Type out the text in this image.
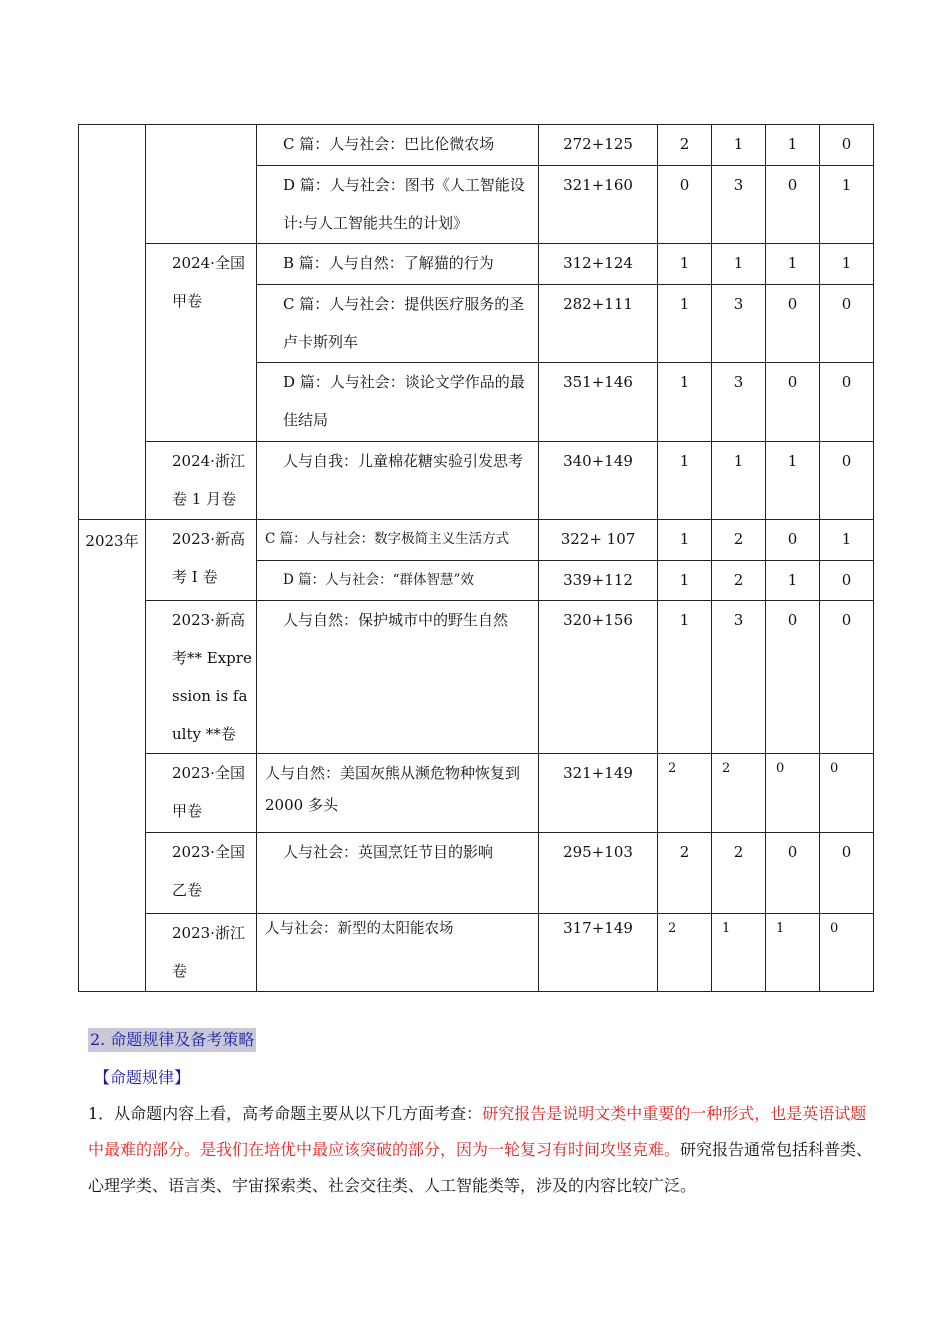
		C 篇：人与社会：巴比伦微农场	272+125	2	1	1	0
		D 篇：人与社会：图书《人工智能设计:与人工智能共生的计划》	321+160	0	3	0	1
	2024·全国甲卷	B 篇：人与自然：了解猫的行为	312+124	1	1	1	1
		C 篇：人与社会：提供医疗服务的圣卢卡斯列车	282+111	1	3	0	0
		D 篇：人与社会：谈论文学作品的最佳结局	351+146	1	3	0	0
	2024·浙江卷 1 月卷	人与自我：儿童棉花糖实验引发思考	340+149	1	1	1	0
2023年	2023·新高考 I 卷	C 篇：人与社会：数字极简主义生活方式	322+ 107	1	2	0	1
		D 篇：人与社会：“群体智慧”效	339+112	1	2	1	0
	2023·新高考** Expression is faulty **卷	人与自然：保护城市中的野生自然	320+156	1	3	0	0
	2023·全国甲卷	人与自然：美国灰熊从濒危物种恢复到 2000 多头	321+149	2	2	0	0
	2023·全国乙卷	人与社会：英国烹饪节目的影响	295+103	2	2	0	0
	2023·浙江卷	人与社会：新型的太阳能农场	317+149	2	1	1	0
2. 命题规律及备考策略
【命题规律】
1．从命题内容上看，高考命题主要从以下几方面考查：研究报告是说明文类中重要的一种形式，也是英语试题中最难的部分。是我们在培优中最应该突破的部分，因为一轮复习有时间攻坚克难。研究报告通常包括科普类、心理学类、语言类、宇宙探索类、社会交往类、人工智能类等，涉及的内容比较广泛。
